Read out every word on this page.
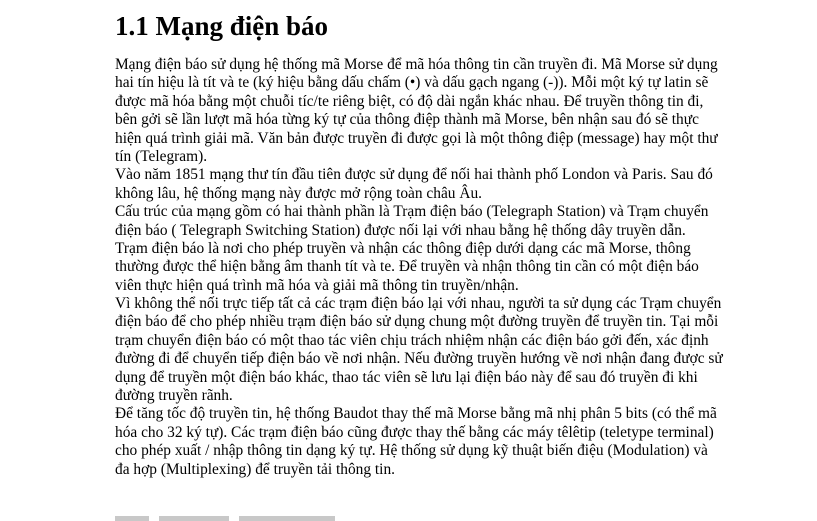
1.1 Mạng điện báo
Mạng điện báo sử dụng hệ thống mã Morse để mã hóa thông tin cần truyền đi. Mã Morse sử dụng
hai tín hiệu là tít và te (ký hiệu bằng dấu chấm (•) và dấu gạch ngang (-)). Mỗi một ký tự latin sẽ
được mã hóa bằng một chuỗi tíc/te riêng biệt, có độ dài ngắn khác nhau. Để truyền thông tin đi,
bên gởi sẽ lần lượt mã hóa từng ký tự của thông điệp thành mã Morse, bên nhận sau đó sẽ thực
hiện quá trình giải mã. Văn bản được truyền đi được gọi là một thông điệp (message) hay một thư
tín (Telegram).
Vào năm 1851 mạng thư tín đầu tiên được sử dụng để nối hai thành phố London và Paris. Sau đó
không lâu, hệ thống mạng này được mở rộng toàn châu Âu.
Cấu trúc của mạng gồm có hai thành phần là Trạm điện báo (Telegraph Station) và Trạm chuyển
điện báo ( Telegraph Switching Station) được nối lại với nhau bằng hệ thống dây truyền dẫn.
Trạm điện báo là nơi cho phép truyền và nhận các thông điệp dưới dạng các mã Morse, thông
thường được thể hiện bằng âm thanh tít và te. Để truyền và nhận thông tin cần có một điện báo
viên thực hiện quá trình mã hóa và giải mã thông tin truyền/nhận.
Vì không thể nối trực tiếp tất cả các trạm điện báo lại với nhau, người ta sử dụng các Trạm chuyển
điện báo để cho phép nhiều trạm điện báo sử dụng chung một đường truyền để truyền tin. Tại mỗi
trạm chuyển điện báo có một thao tác viên chịu trách nhiệm nhận các điện báo gởi đến, xác định
đường đi để chuyển tiếp điện báo về nơi nhận. Nếu đường truyền hướng về nơi nhận đang được sử
dụng để truyền một điện báo khác, thao tác viên sẽ lưu lại điện báo này để sau đó truyền đi khi
đường truyền rãnh.
Để tăng tốc độ truyền tin, hệ thống Baudot thay thế mã Morse bằng mã nhị phân 5 bits (có thể mã
hóa cho 32 ký tự). Các trạm điện báo cũng được thay thế bằng các máy têlêtip (teletype terminal)
cho phép xuất / nhập thông tin dạng ký tự. Hệ thống sử dụng kỹ thuật biến điệu (Modulation) và
đa hợp (Multiplexing) để truyền tải thông tin.
